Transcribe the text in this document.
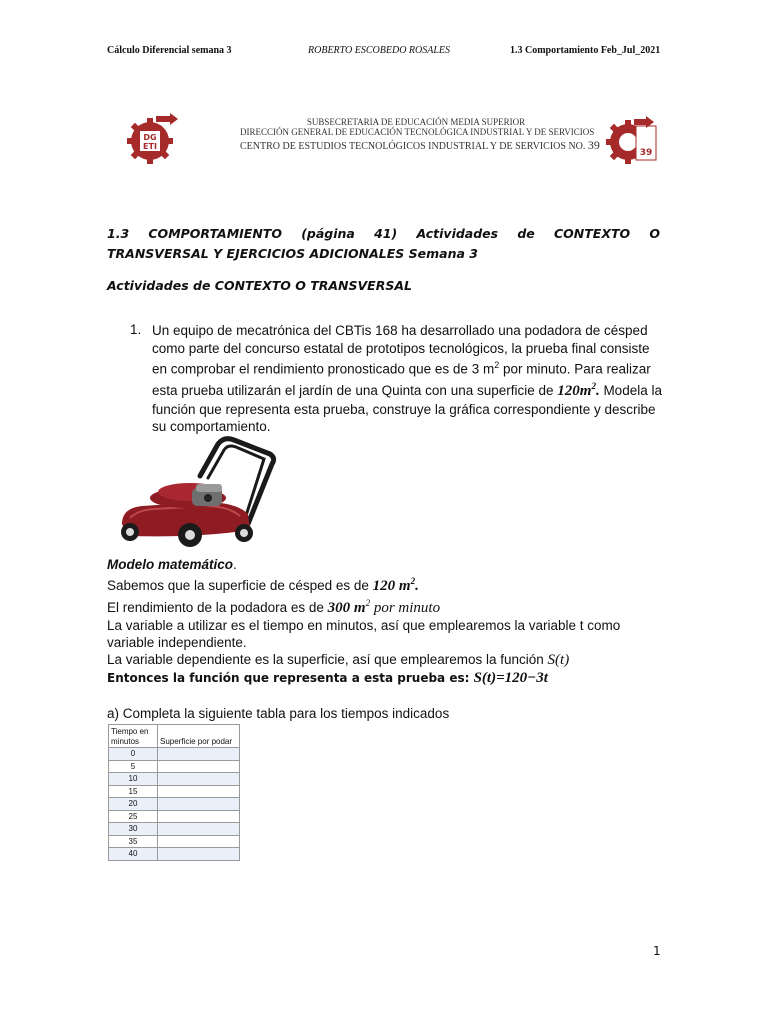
Cálculo Diferencial semana 3	ROBERTO ESCOBEDO ROSALES	1.3 Comportamiento Feb_Jul_2021
DG
ETI
SUBSECRETARIA DE EDUCACIÓN MEDIA SUPERIOR
DIRECCIÓN GENERAL DE EDUCACIÓN TECNOLÓGICA INDUSTRIAL Y DE SERVICIOS
CENTRO DE ESTUDIOS TECNOLÓGICOS INDUSTRIAL Y DE SERVICIOS NO. 39
39
1.3 COMPORTAMIENTO (página 41) Actividades de CONTEXTO O TRANSVERSAL Y EJERCICIOS ADICIONALES Semana 3
Actividades de CONTEXTO O TRANSVERSAL
1. Un equipo de mecatrónica del CBTis 168 ha desarrollado una podadora de césped como parte del concurso estatal de prototipos tecnológicos, la prueba final consiste en comprobar el rendimiento pronosticado que es de 3 $m^2$ por minuto. Para realizar esta prueba utilizarán el jardín de una Quinta con una superficie de $120m^2$. Modela la función que representa esta prueba, construye la gráfica correspondiente y describe su comportamiento.
Modelo matemático.
Sabemos que la superficie de césped es de 120 $m^2$.
El rendimiento de la podadora es de 300 $m^2$ por minuto
La variable a utilizar es el tiempo en minutos, así que emplearemos la variable t como
variable independiente.
La variable dependiente es la superficie, así que emplearemos la función S(t)
Entonces la función que representa a esta prueba es: S(t)=120−3t
a) Completa la siguiente tabla para los tiempos indicados
Tiempo en minutos	Superficie por podar
0	
5	
10	
15	
20	
25	
30	
35	
40	
1
